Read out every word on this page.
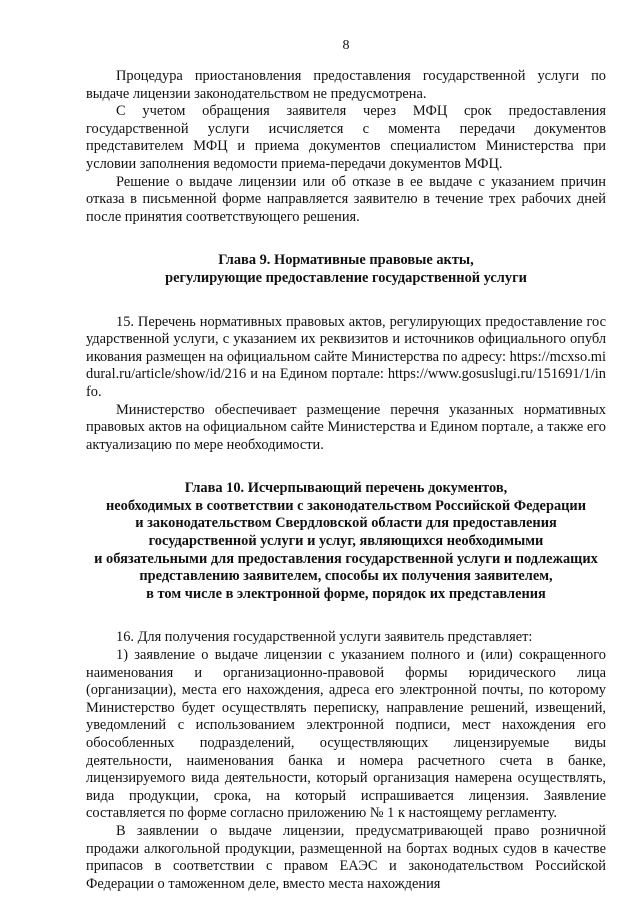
8

Процедура приостановления предоставления государственной услуги по выдаче лицензии законодательством не предусмотрена.

С учетом обращения заявителя через МФЦ срок предоставления государственной услуги исчисляется с момента передачи документов представителем МФЦ и приема документов специалистом Министерства при условии заполнения ведомости приема-передачи документов МФЦ.

Решение о выдаче лицензии или об отказе в ее выдаче с указанием причин отказа в письменной форме направляется заявителю в течение трех рабочих дней после принятия соответствующего решения.

Глава 9. Нормативные правовые акты,
регулирующие предоставление государственной услуги

15. Перечень нормативных правовых актов, регулирующих предоставление государственной услуги, с указанием их реквизитов и источников официального опубликования размещен на официальном сайте Министерства по адресу: https://mcxso.midural.ru/article/show/id/216 и на Едином портале: https://www.gosuslugi.ru/151691/1/info.

Министерство обеспечивает размещение перечня указанных нормативных правовых актов на официальном сайте Министерства и Едином портале, а также его актуализацию по мере необходимости.

Глава 10. Исчерпывающий перечень документов,
необходимых в соответствии с законодательством Российской Федерации
и законодательством Свердловской области для предоставления
государственной услуги и услуг, являющихся необходимыми
и обязательными для предоставления государственной услуги и подлежащих
представлению заявителем, способы их получения заявителем,
в том числе в электронной форме, порядок их представления

16. Для получения государственной услуги заявитель представляет:

1) заявление о выдаче лицензии с указанием полного и (или) сокращенного наименования и организационно-правовой формы юридического лица (организации), места его нахождения, адреса его электронной почты, по которому Министерство будет осуществлять переписку, направление решений, извещений, уведомлений с использованием электронной подписи, мест нахождения его обособленных подразделений, осуществляющих лицензируемые виды деятельности, наименования банка и номера расчетного счета в банке, лицензируемого вида деятельности, который организация намерена осуществлять, вида продукции, срока, на который испрашивается лицензия. Заявление составляется по форме согласно приложению № 1 к настоящему регламенту.

В заявлении о выдаче лицензии, предусматривающей право розничной продажи алкогольной продукции, размещенной на бортах водных судов в качестве припасов в соответствии с правом ЕАЭС и законодательством Российской Федерации о таможенном деле, вместо места нахождения
